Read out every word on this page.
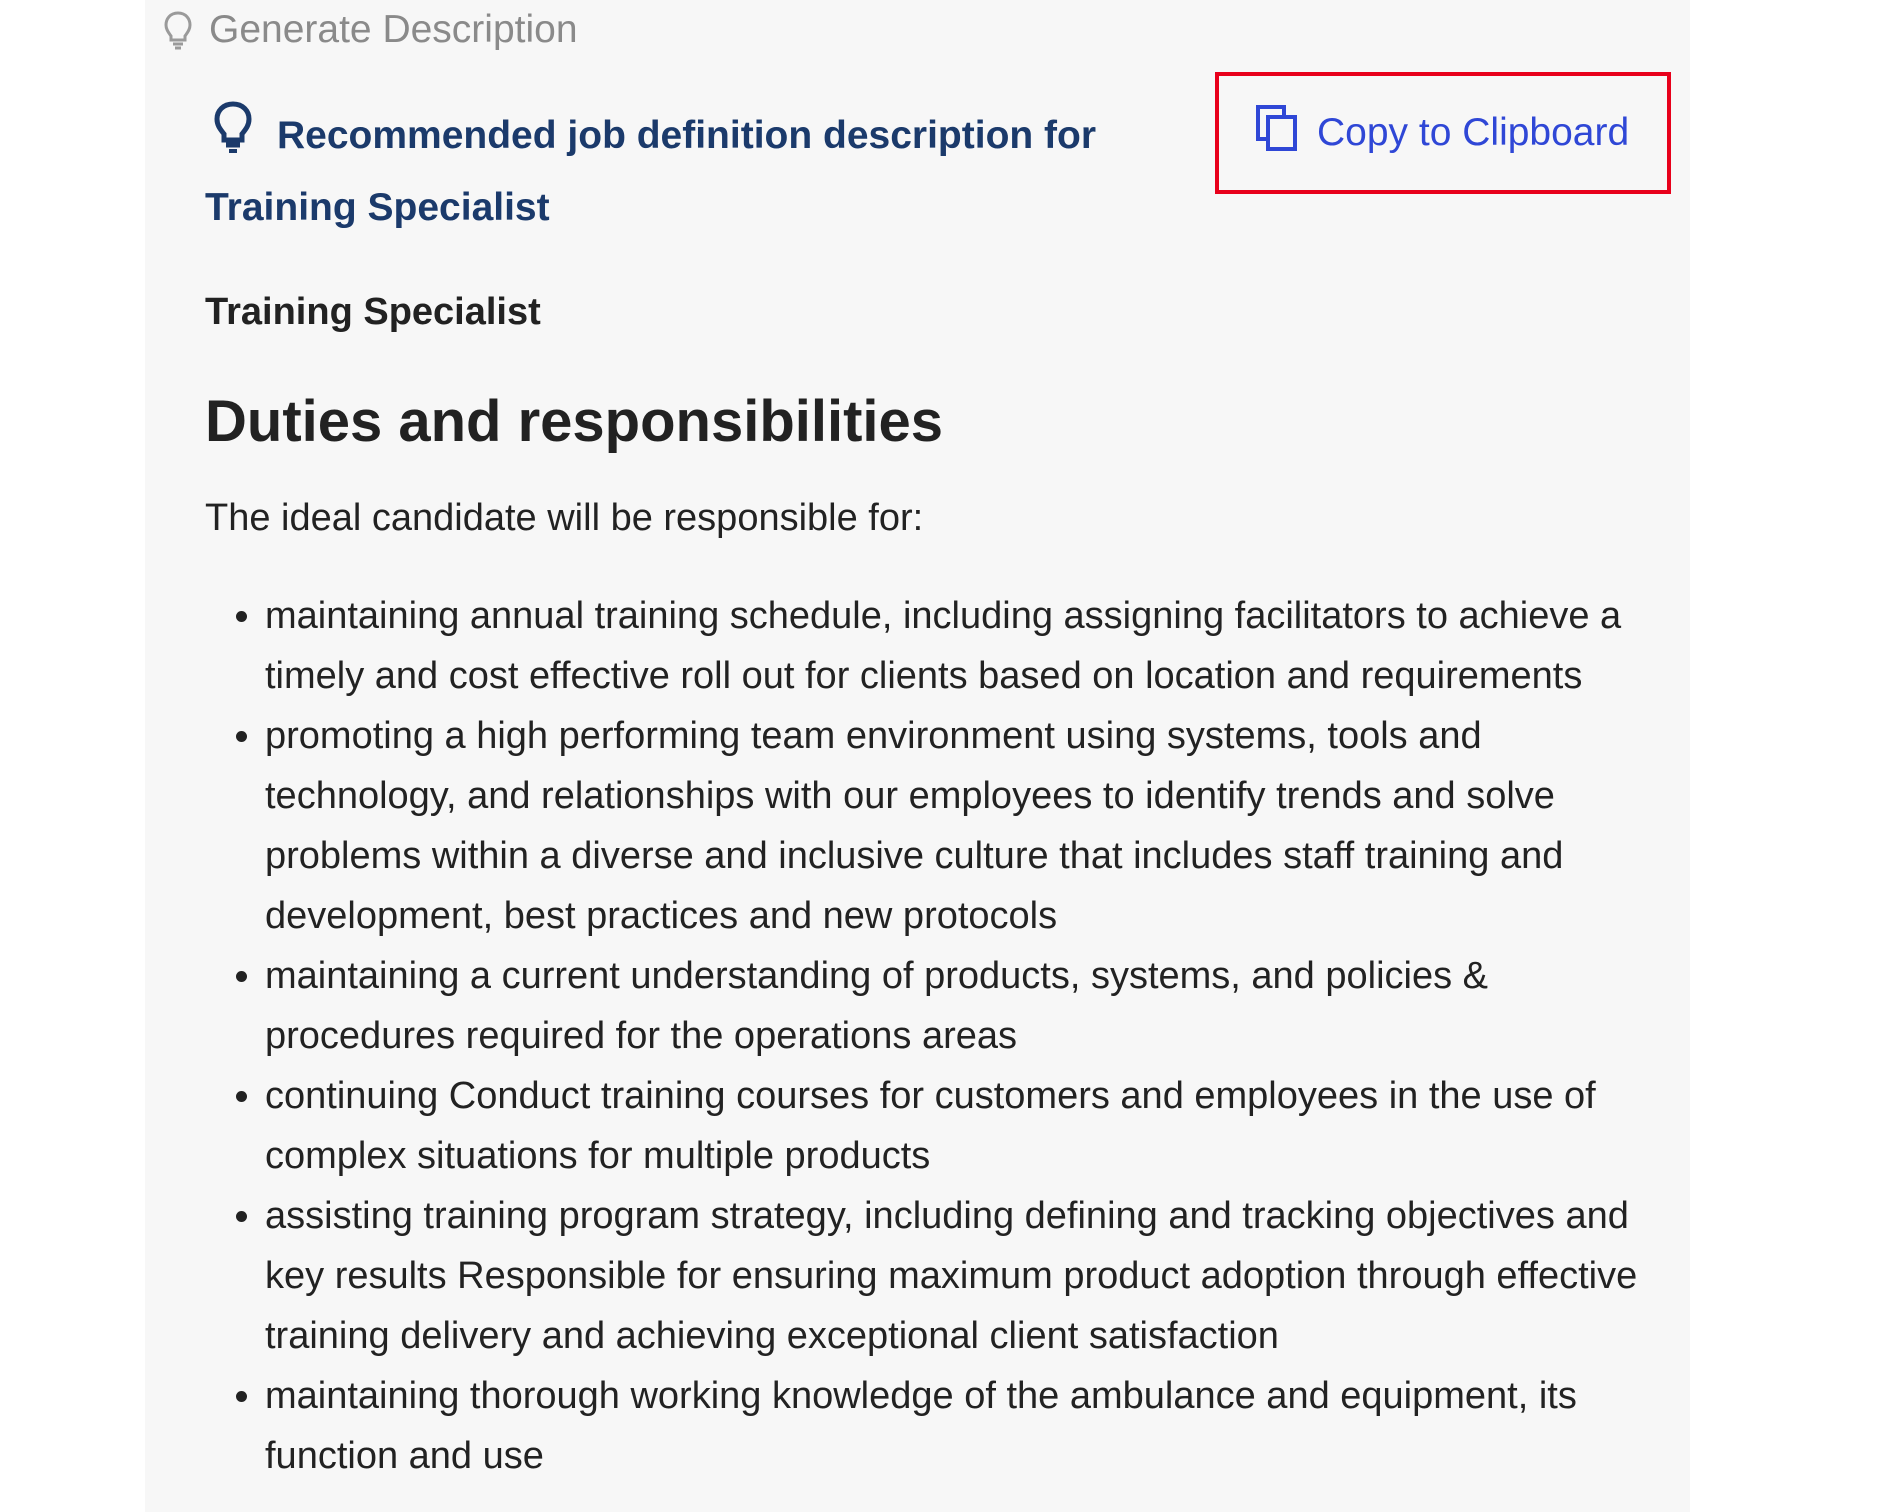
Generate Description
Recommended job definition description for Training Specialist
Copy to Clipboard

Training Specialist

Duties and responsibilities

The ideal candidate will be responsible for:

• maintaining annual training schedule, including assigning facilitators to achieve a timely and cost effective roll out for clients based on location and requirements
• promoting a high performing team environment using systems, tools and technology, and relationships with our employees to identify trends and solve problems within a diverse and inclusive culture that includes staff training and development, best practices and new protocols
• maintaining a current understanding of products, systems, and policies & procedures required for the operations areas
• continuing Conduct training courses for customers and employees in the use of complex situations for multiple products
• assisting training program strategy, including defining and tracking objectives and key results Responsible for ensuring maximum product adoption through effective training delivery and achieving exceptional client satisfaction
• maintaining thorough working knowledge of the ambulance and equipment, its function and use
